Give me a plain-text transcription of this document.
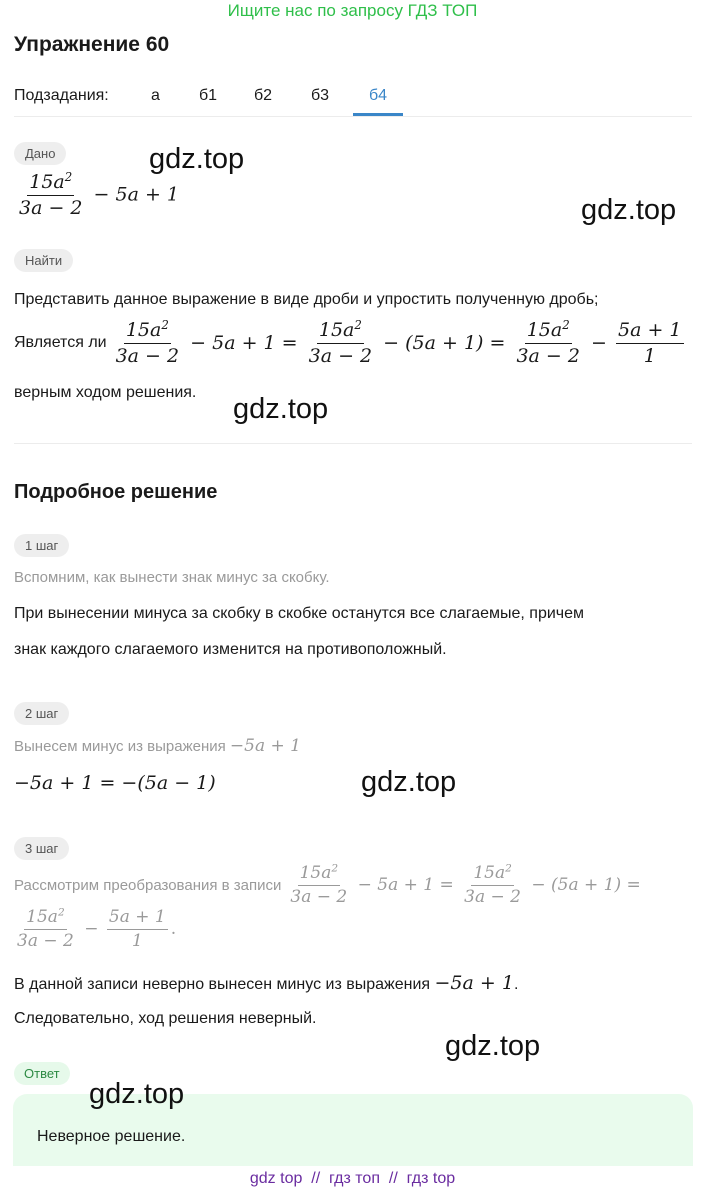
Ищите нас по запросу ГДЗ ТОП
Упражнение 60
Подзадания:	а б1 б2 б3 б4
Дано
$\frac{15a^2}{3a - 2} - 5a + 1$
Найти
Представить данное выражение в виде дроби и упростить полученную дробь;
Является ли $\frac{15a^2}{3a - 2} - 5a + 1 = \frac{15a^2}{3a - 2} - (5a + 1) = \frac{15a^2}{3a - 2} - \frac{5a + 1}{1}$
верным ходом решения.
Подробное решение
1 шаг
Вспомним, как вынести знак минус за скобку.
При вынесении минуса за скобку в скобке останутся все слагаемые, причем
знак каждого слагаемого изменится на противоположный.
2 шаг
Вынесем минус из выражения −5a + 1
−5a + 1 = −(5a − 1)
3 шаг
Рассмотрим преобразования в записи $\frac{15a^2}{3a - 2} - 5a + 1 = \frac{15a^2}{3a - 2} - (5a + 1)$ =
$\frac{15a^2}{3a - 2} - \frac{5a + 1}{1}$ .
В данной записи неверно вынесен минус из выражения −5a + 1.
Следовательно, ход решения неверный.
Ответ
Неверное решение.
gdz.top
gdz.top
gdz.top
gdz.top
gdz.top
gdz.top
gdz top  //  гдз топ  //  гдз top
